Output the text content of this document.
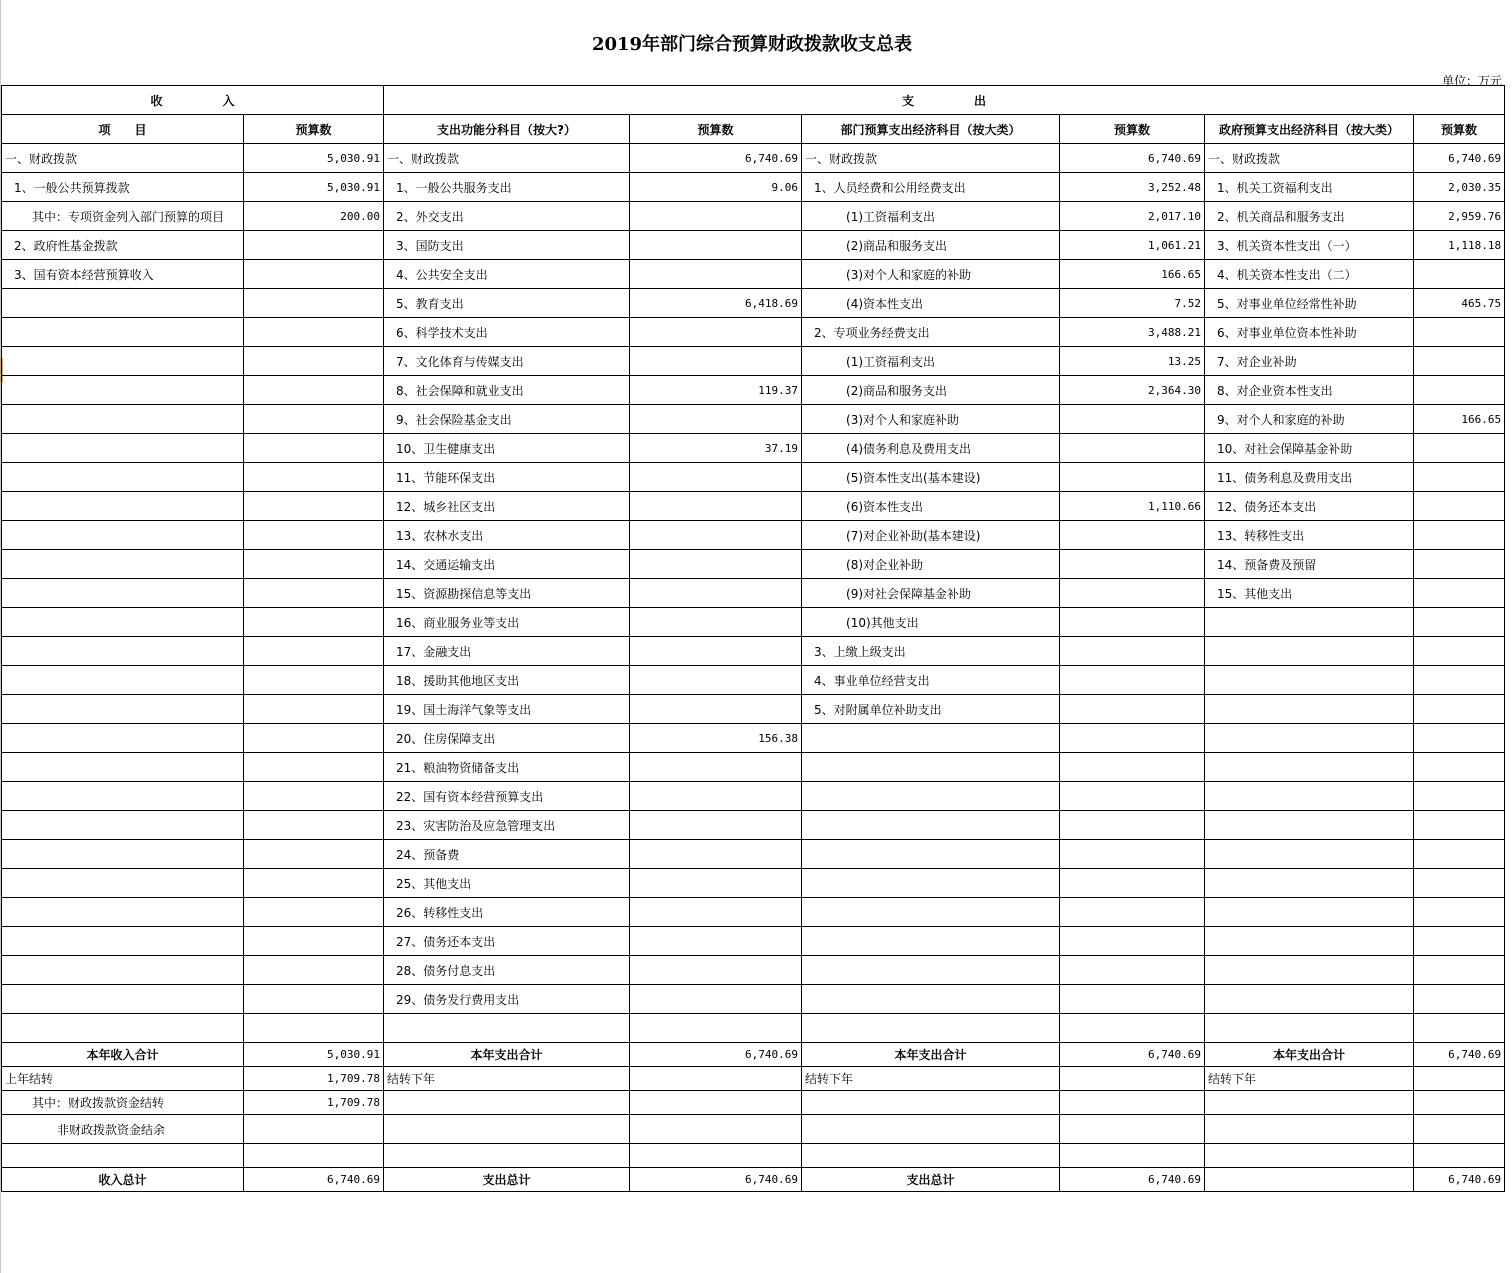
2019年部门综合预算财政拨款收支总表
单位：万元
收　　　　　入		支　　　　　出					
项　　目	预算数	支出功能分科目（按大?）	预算数	部门预算支出经济科目（按大类）	预算数	政府预算支出经济科目（按大类）	预算数
一、财政拨款	5,030.91	一、财政拨款	6,740.69	一、财政拨款	6,740.69	一、财政拨款	6,740.69
1、一般公共预算拨款	5,030.91	1、一般公共服务支出	9.06	1、人员经费和公用经费支出	3,252.48	1、机关工资福利支出	2,030.35
其中：专项资金列入部门预算的项目	200.00	2、外交支出		(1)工资福利支出	2,017.10	2、机关商品和服务支出	2,959.76
2、政府性基金拨款		3、国防支出		(2)商品和服务支出	1,061.21	3、机关资本性支出（一）	1,118.18
3、国有资本经营预算收入		4、公共安全支出		(3)对个人和家庭的补助	166.65	4、机关资本性支出（二）	
		5、教育支出	6,418.69	(4)资本性支出	7.52	5、对事业单位经常性补助	465.75
		6、科学技术支出		2、专项业务经费支出	3,488.21	6、对事业单位资本性补助	
		7、文化体育与传媒支出		(1)工资福利支出	13.25	7、对企业补助	
		8、社会保障和就业支出	119.37	(2)商品和服务支出	2,364.30	8、对企业资本性支出	
		9、社会保险基金支出		(3)对个人和家庭补助		9、对个人和家庭的补助	166.65
		10、卫生健康支出	37.19	(4)债务利息及费用支出		10、对社会保障基金补助	
		11、节能环保支出		(5)资本性支出(基本建设)		11、债务利息及费用支出	
		12、城乡社区支出		(6)资本性支出	1,110.66	12、债务还本支出	
		13、农林水支出		(7)对企业补助(基本建设)		13、转移性支出	
		14、交通运输支出		(8)对企业补助		14、预备费及预留	
		15、资源勘探信息等支出		(9)对社会保障基金补助		15、其他支出	
		16、商业服务业等支出		(10)其他支出			
		17、金融支出		3、上缴上级支出			
		18、援助其他地区支出		4、事业单位经营支出			
		19、国土海洋气象等支出		5、对附属单位补助支出			
		20、住房保障支出	156.38				
		21、粮油物资储备支出					
		22、国有资本经营预算支出					
		23、灾害防治及应急管理支出					
		24、预备费					
		25、其他支出					
		26、转移性支出					
		27、债务还本支出					
		28、债务付息支出					
		29、债务发行费用支出					

本年收入合计	5,030.91	本年支出合计	6,740.69	本年支出合计	6,740.69	本年支出合计	6,740.69
上年结转	1,709.78	结转下年		结转下年		结转下年	
其中：财政拨款资金结转	1,709.78						
非财政拨款资金结余							

收入总计	6,740.69	支出总计	6,740.69	支出总计	6,740.69		6,740.69
